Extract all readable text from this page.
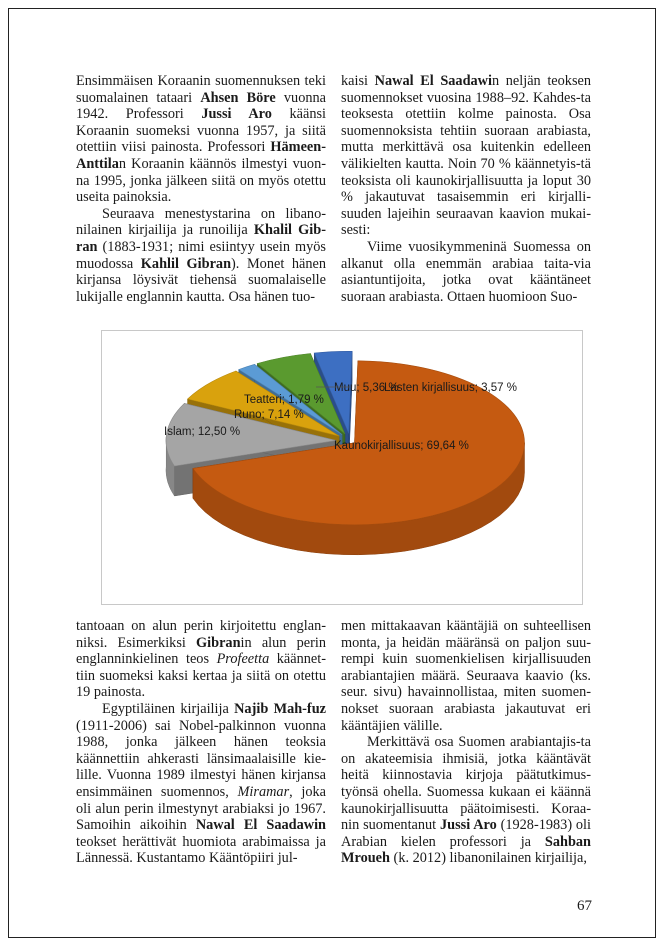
Ensimmäisen Koraanin suomennuksen teki suomalainen tataari Ahsen Böre vuonna 1942. Professori Jussi Aro käänsi Koraanin suomeksi vuonna 1957, ja siitä otettiin viisi painosta. Professori Hämeen-Anttilan Koraanin käännös ilmestyi vuon-na 1995, jonka jälkeen siitä on myös otettu useita painoksia.

Seuraava menestystarina on libano-nilainen kirjailija ja runoilija Khalil Gib-ran (1883-1931; nimi esiintyy usein myös muodossa Kahlil Gibran). Monet hänen kirjansa löysivät tiehensä suomalaiselle lukijalle englannin kautta. Osa hänen tuo-

kaisi Nawal El Saadawin neljän teoksen suomennokset vuosina 1988–92. Kahdes-ta teoksesta otettiin kolme painosta. Osa suomennoksista tehtiin suoraan arabiasta, mutta merkittävä osa kuitenkin edelleen välikielten kautta. Noin 70 % käännetyis-tä teoksista oli kaunokirjallisuutta ja loput 30 % jakautuvat tasaisemmin eri kirjalli-suuden lajeihin seuraavan kaavion mukai-sesti:

Viime vuosikymmeninä Suomessa on alkanut olla enemmän arabiaa taita-via asiantuntijoita, jotka ovat kääntäneet suoraan arabiasta. Ottaen huomioon Suo-

Kaunokirjallisuus; 69,64 %
Islam; 12,50 %
Runo; 7,14 %
Teatteri; 1,79 %
Muu; 5,36 %
Lasten kirjallisuus; 3,57 %

tantoaan on alun perin kirjoitettu englan-niksi. Esimerkiksi Gibranin alun perin englanninkielinen teos Profeetta käännet-tiin suomeksi kaksi kertaa ja siitä on otettu 19 painosta.

Egyptiläinen kirjailija Najib Mah-fuz (1911-2006) sai Nobel-palkinnon vuonna 1988, jonka jälkeen hänen teoksia käännettiin ahkerasti länsimaalaisille kie-lille. Vuonna 1989 ilmestyi hänen kirjansa ensimmäinen suomennos, Miramar, joka oli alun perin ilmestynyt arabiaksi jo 1967. Samoihin aikoihin Nawal El Saadawin teokset herättivät huomiota arabimaissa ja Lännessä. Kustantamo Kääntöpiiri jul-

men mittakaavan kääntäjiä on suhteellisen monta, ja heidän määränsä on paljon suu-rempi kuin suomenkielisen kirjallisuuden arabiantajien määrä. Seuraava kaavio (ks. seur. sivu) havainnollistaa, miten suomen-nokset suoraan arabiasta jakautuvat eri kääntäjien välille.

Merkittävä osa Suomen arabiantajis-ta on akateemisia ihmisiä, jotka kääntävät heitä kiinnostavia kirjoja päätutkimus-työnsä ohella. Suomessa kukaan ei käännä kaunokirjallisuutta päätoimisesti. Koraa-nin suomentanut Jussi Aro (1928-1983) oli Arabian kielen professori ja Sahban Mroueh (k. 2012) libanonilainen kirjailija,

67
